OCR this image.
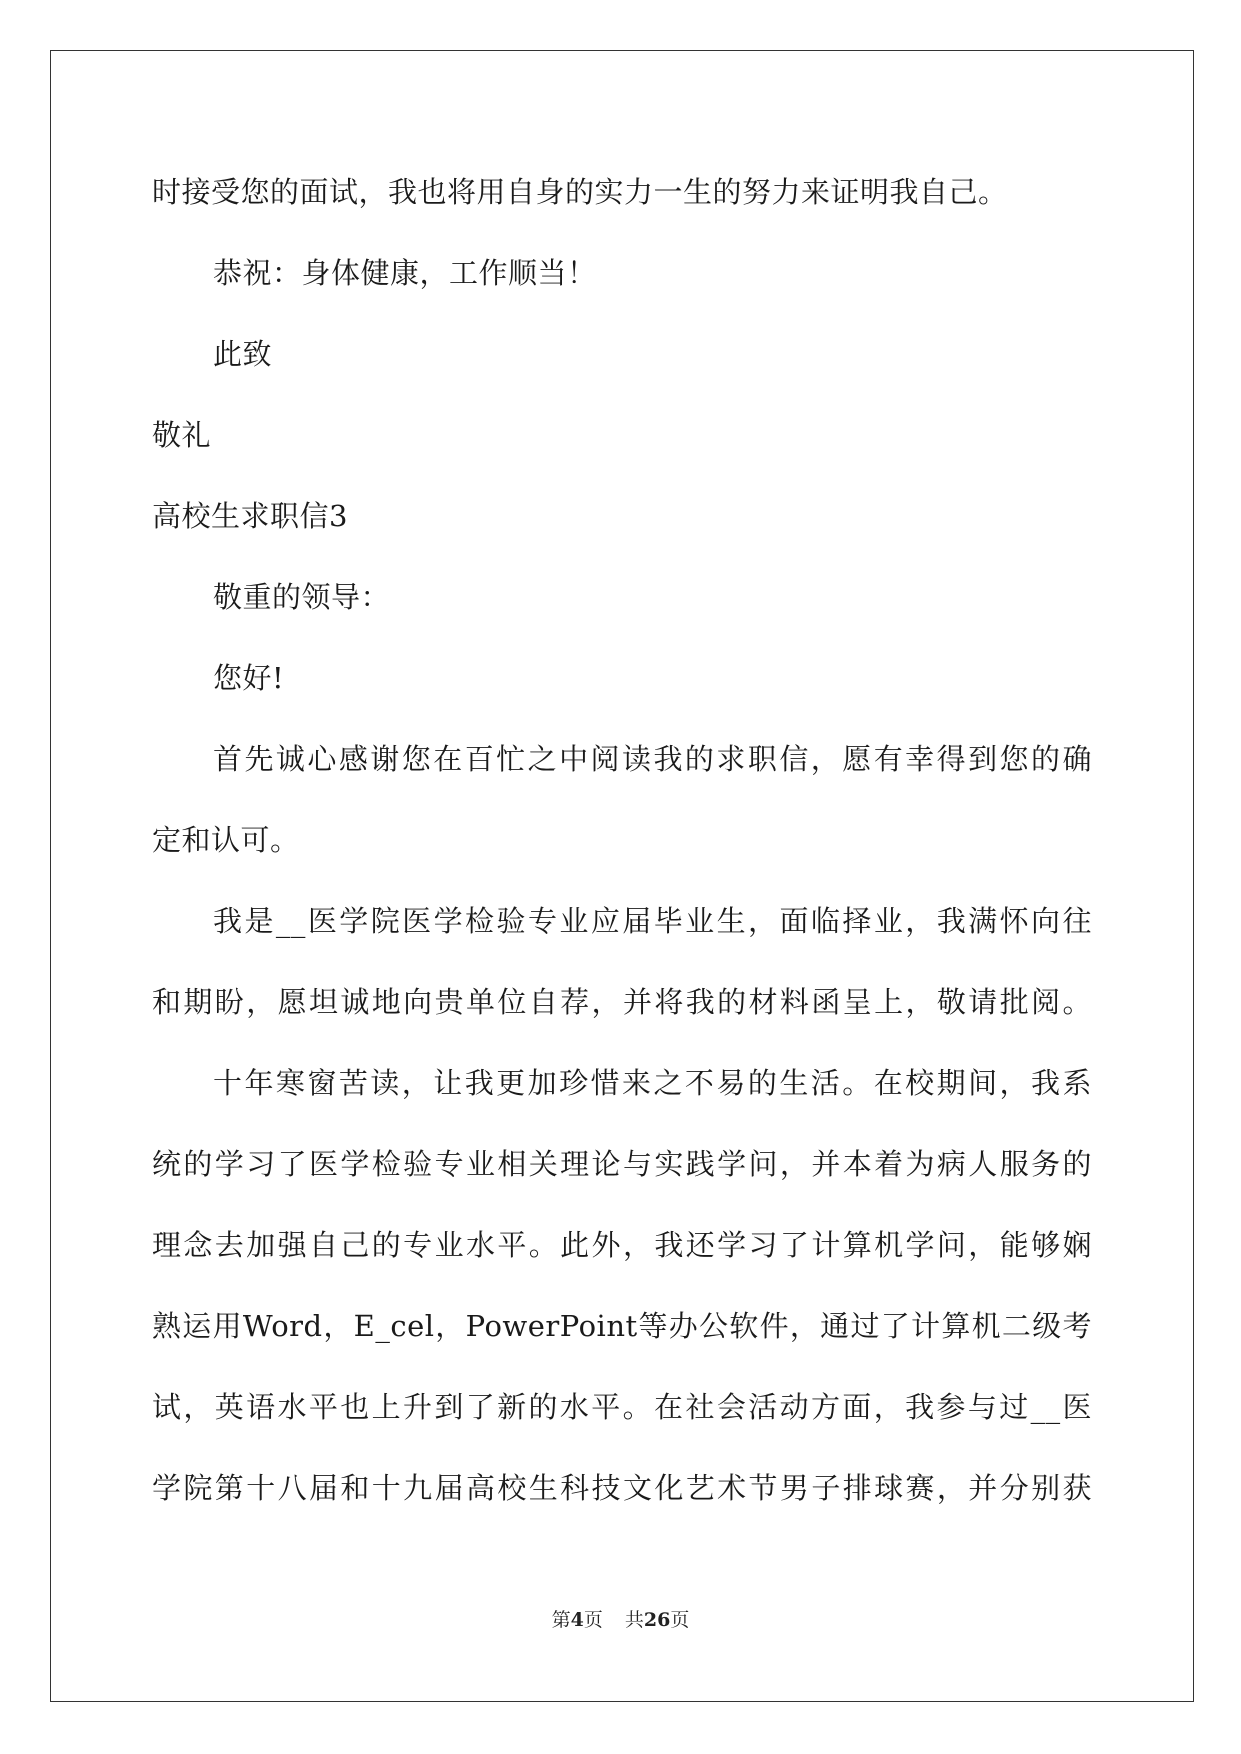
时接受您的面试，我也将用自身的实力一生的努力来证明我自己。
恭祝：身体健康，工作顺当！
此致
敬礼
高校生求职信3
敬重的领导：
您好!
首先诚心感谢您在百忙之中阅读我的求职信，愿有幸得到您的确
定和认可。
我是__医学院医学检验专业应届毕业生，面临择业，我满怀向往
和期盼，愿坦诚地向贵单位自荐，并将我的材料函呈上，敬请批阅。
十年寒窗苦读，让我更加珍惜来之不易的生活。在校期间，我系
统的学习了医学检验专业相关理论与实践学问，并本着为病人服务的
理念去加强自己的专业水平。此外，我还学习了计算机学问，能够娴
熟运用Word，E_cel，PowerPoint等办公软件，通过了计算机二级考
试，英语水平也上升到了新的水平。在社会活动方面，我参与过__医
学院第十八届和十九届高校生科技文化艺术节男子排球赛，并分别获
第4页 共26页
